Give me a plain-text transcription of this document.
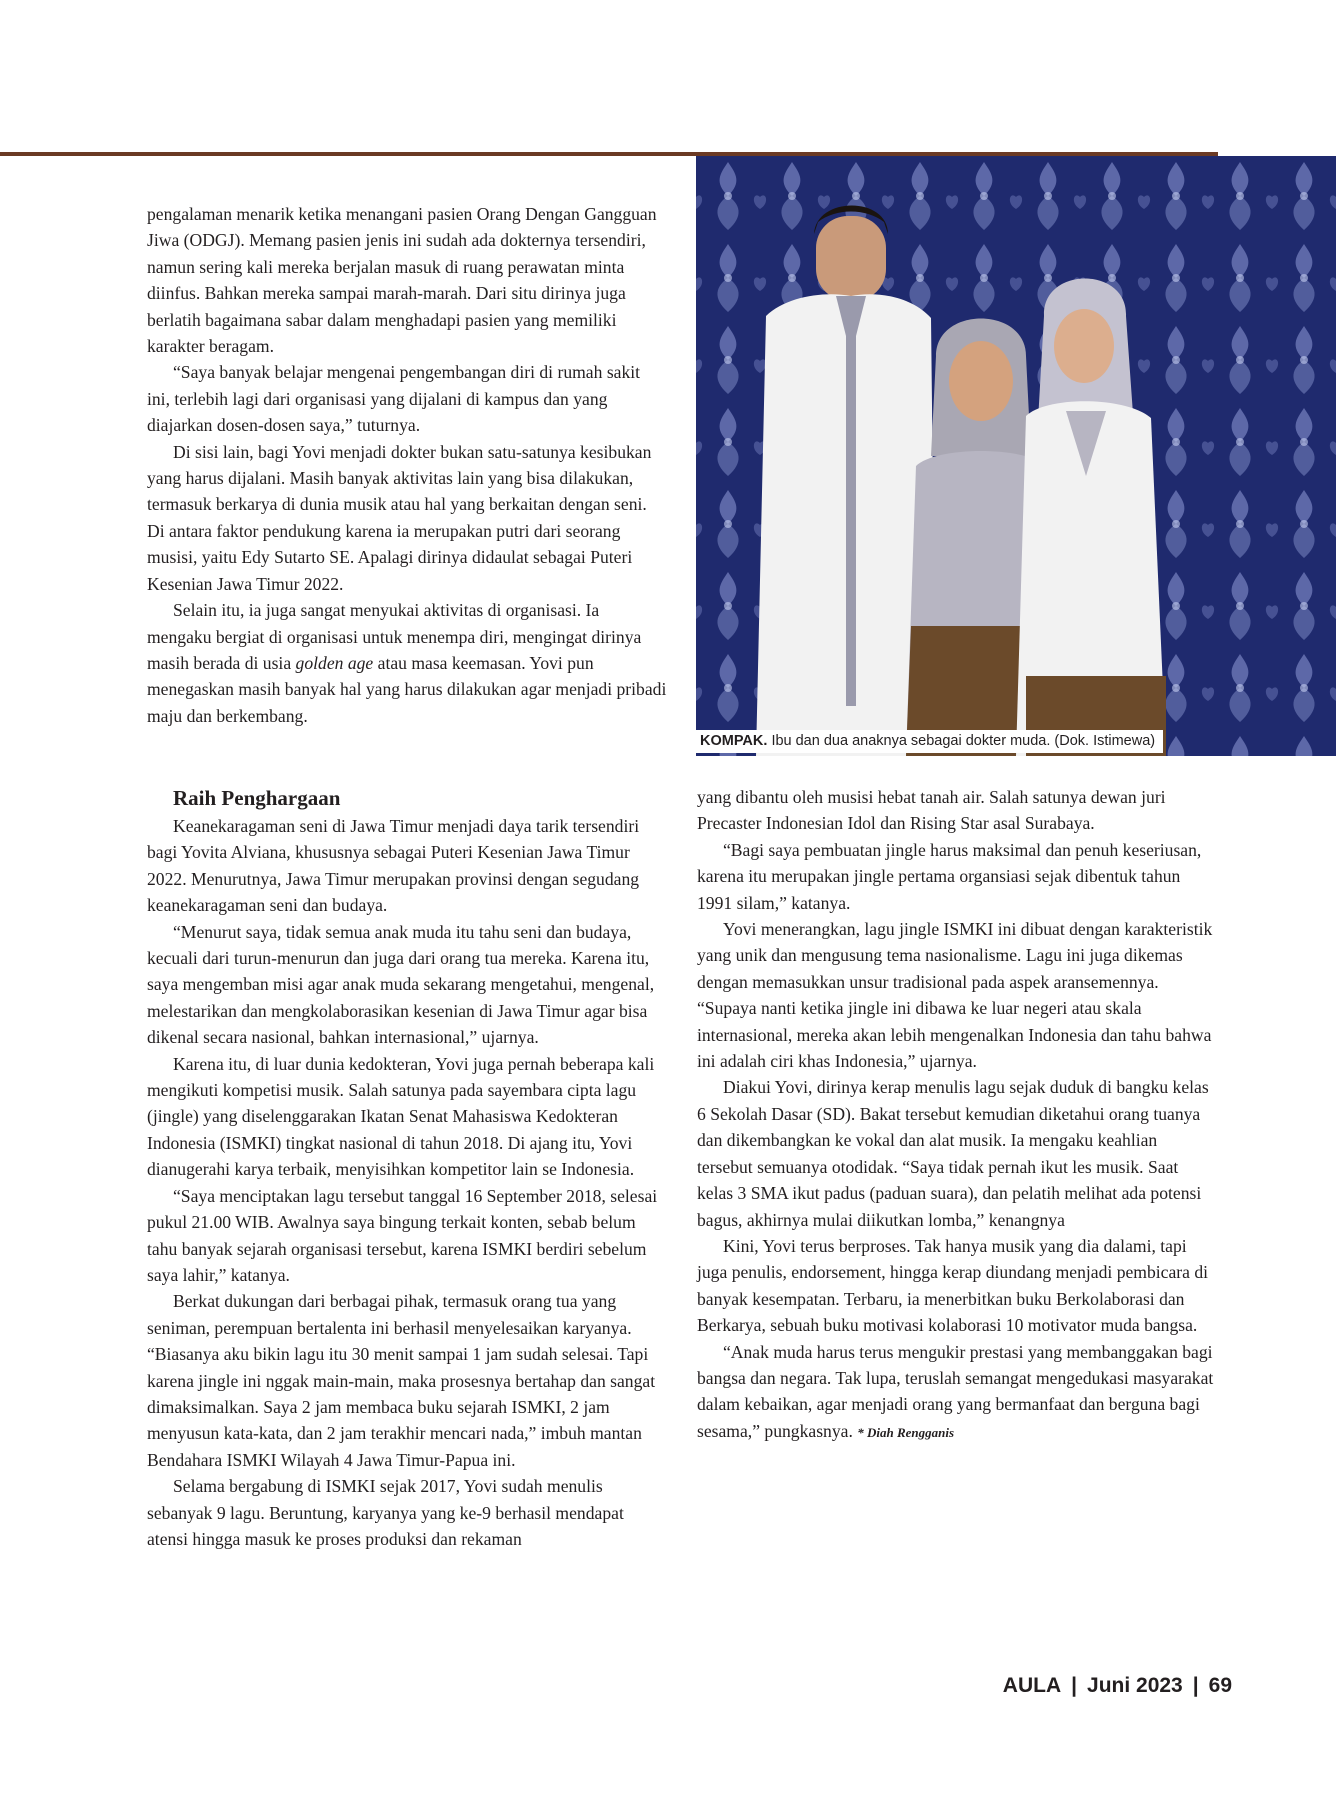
KOMPAK. Ibu dan dua anaknya sebagai dokter muda. (Dok. Istimewa)

pengalaman menarik ketika menangani pasien Orang Dengan Gangguan Jiwa (ODGJ). Memang pasien jenis ini sudah ada dokternya tersendiri, namun sering kali mereka berjalan masuk di ruang perawatan minta diinfus. Bahkan mereka sampai marah-marah. Dari situ dirinya juga berlatih bagaimana sabar dalam menghadapi pasien yang memiliki karakter beragam.

“Saya banyak belajar mengenai pengembangan diri di rumah sakit ini, terlebih lagi dari organisasi yang dijalani di kampus dan yang diajarkan dosen-dosen saya,” tuturnya.

Di sisi lain, bagi Yovi menjadi dokter bukan satu-satunya kesibukan yang harus dijalani. Masih banyak aktivitas lain yang bisa dilakukan, termasuk berkarya di dunia musik atau hal yang berkaitan dengan seni. Di antara faktor pendukung karena ia merupakan putri dari seorang musisi, yaitu Edy Sutarto SE. Apalagi dirinya didaulat sebagai Puteri Kesenian Jawa Timur 2022.

Selain itu, ia juga sangat menyukai aktivitas di organisasi. Ia mengaku bergiat di organisasi untuk menempa diri, mengingat dirinya masih berada di usia golden age atau masa keemasan. Yovi pun menegaskan masih banyak hal yang harus dilakukan agar menjadi pribadi maju dan berkembang.

Raih Penghargaan

Keanekaragaman seni di Jawa Timur menjadi daya tarik tersendiri bagi Yovita Alviana, khususnya sebagai Puteri Kesenian Jawa Timur 2022. Menurutnya, Jawa Timur merupakan provinsi dengan segudang keanekaragaman seni dan budaya.

“Menurut saya, tidak semua anak muda itu tahu seni dan budaya, kecuali dari turun-menurun dan juga dari orang tua mereka. Karena itu, saya mengemban misi agar anak muda sekarang mengetahui, mengenal, melestarikan dan mengkolaborasikan kesenian di Jawa Timur agar bisa dikenal secara nasional, bahkan internasional,” ujarnya.

Karena itu, di luar dunia kedokteran, Yovi juga pernah beberapa kali mengikuti kompetisi musik. Salah satunya pada sayembara cipta lagu (jingle) yang diselenggarakan Ikatan Senat Mahasiswa Kedokteran Indonesia (ISMKI) tingkat nasional di tahun 2018. Di ajang itu, Yovi dianugerahi karya terbaik, menyisihkan kompetitor lain se Indonesia.

“Saya menciptakan lagu tersebut tanggal 16 September 2018, selesai pukul 21.00 WIB. Awalnya saya bingung terkait konten, sebab belum tahu banyak sejarah organisasi tersebut, karena ISMKI berdiri sebelum saya lahir,” katanya.

Berkat dukungan dari berbagai pihak, termasuk orang tua yang seniman, perempuan bertalenta ini berhasil menyelesaikan karyanya. “Biasanya aku bikin lagu itu 30 menit sampai 1 jam sudah selesai. Tapi karena jingle ini nggak main-main, maka prosesnya bertahap dan sangat dimaksimalkan. Saya 2 jam membaca buku sejarah ISMKI, 2 jam menyusun kata-kata, dan 2 jam terakhir mencari nada,” imbuh mantan Bendahara ISMKI Wilayah 4 Jawa Timur-Papua ini.

Selama bergabung di ISMKI sejak 2017, Yovi sudah menulis sebanyak 9 lagu. Beruntung, karyanya yang ke-9 berhasil mendapat atensi hingga masuk ke proses produksi dan rekaman

yang dibantu oleh musisi hebat tanah air. Salah satunya dewan juri Precaster Indonesian Idol dan Rising Star asal Surabaya.

“Bagi saya pembuatan jingle harus maksimal dan penuh keseriusan, karena itu merupakan jingle pertama organsiasi sejak dibentuk tahun 1991 silam,” katanya.

Yovi menerangkan, lagu jingle ISMKI ini dibuat dengan karakteristik yang unik dan mengusung tema nasionalisme. Lagu ini juga dikemas dengan memasukkan unsur tradisional pada aspek aransemennya. “Supaya nanti ketika jingle ini dibawa ke luar negeri atau skala internasional, mereka akan lebih mengenalkan Indonesia dan tahu bahwa ini adalah ciri khas Indonesia,” ujarnya.

Diakui Yovi, dirinya kerap menulis lagu sejak duduk di bangku kelas 6 Sekolah Dasar (SD). Bakat tersebut kemudian diketahui orang tuanya dan dikembangkan ke vokal dan alat musik. Ia mengaku keahlian tersebut semuanya otodidak. “Saya tidak pernah ikut les musik. Saat kelas 3 SMA ikut padus (paduan suara), dan pelatih melihat ada potensi bagus, akhirnya mulai diikutkan lomba,” kenangnya

Kini, Yovi terus berproses. Tak hanya musik yang dia dalami, tapi juga penulis, endorsement, hingga kerap diundang menjadi pembicara di banyak kesempatan. Terbaru, ia menerbitkan buku Berkolaborasi dan Berkarya, sebuah buku motivasi kolaborasi 10 motivator muda bangsa.

“Anak muda harus terus mengukir prestasi yang membanggakan bagi bangsa dan negara. Tak lupa, teruslah semangat mengedukasi masyarakat dalam kebaikan, agar menjadi orang yang bermanfaat dan berguna bagi sesama,” pungkasnya. * Diah Rengganis

AULA | Juni 2023 | 69
